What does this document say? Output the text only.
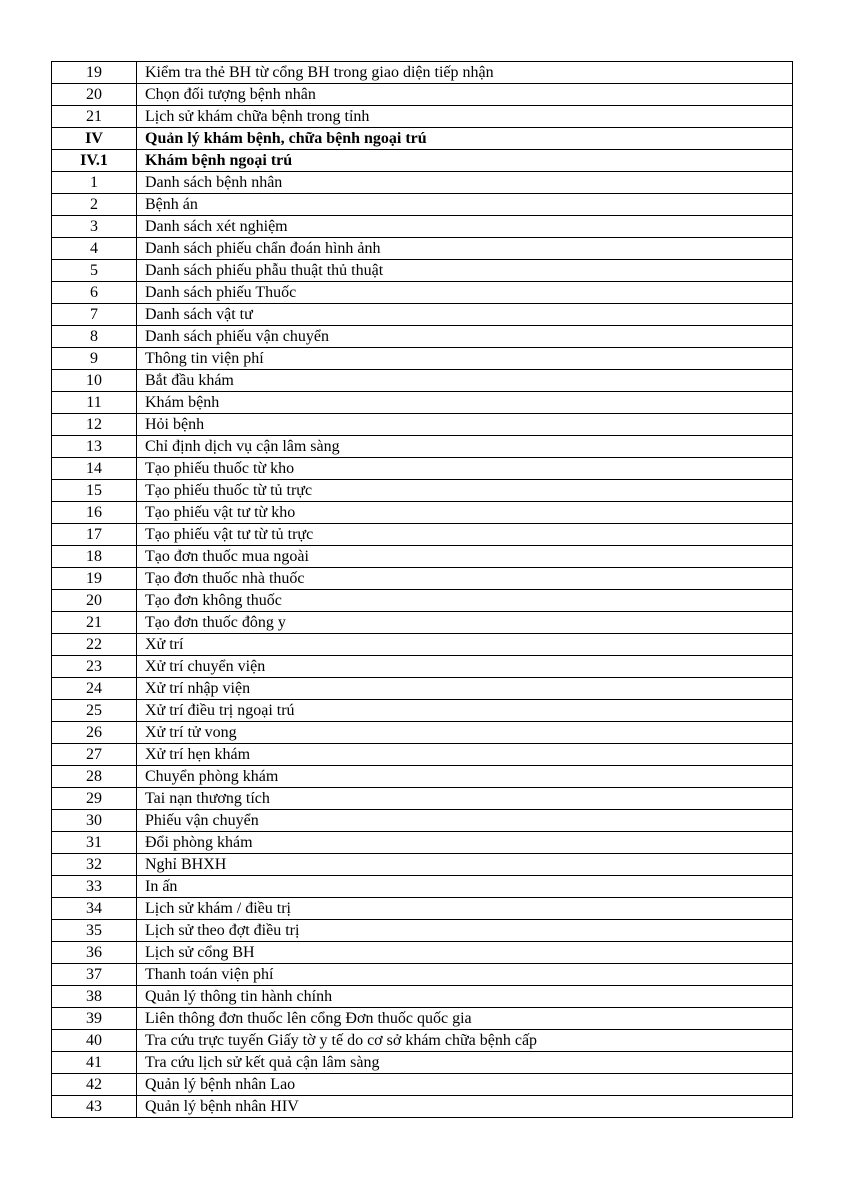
19	Kiểm tra thẻ BH từ cổng BH trong giao diện tiếp nhận
20	Chọn đối tượng bệnh nhân
21	Lịch sử khám chữa bệnh trong tỉnh
IV	Quản lý khám bệnh, chữa bệnh ngoại trú
IV.1	Khám bệnh ngoại trú
1	Danh sách bệnh nhân
2	Bệnh án
3	Danh sách xét nghiệm
4	Danh sách phiếu chẩn đoán hình ảnh
5	Danh sách phiếu phẫu thuật thủ thuật
6	Danh sách phiếu Thuốc
7	Danh sách vật tư
8	Danh sách phiếu vận chuyển
9	Thông tin viện phí
10	Bắt đầu khám
11	Khám bệnh
12	Hỏi bệnh
13	Chỉ định dịch vụ cận lâm sàng
14	Tạo phiếu thuốc từ kho
15	Tạo phiếu thuốc từ tủ trực
16	Tạo phiếu vật tư từ kho
17	Tạo phiếu vật tư từ tủ trực
18	Tạo đơn thuốc mua ngoài
19	Tạo đơn thuốc nhà thuốc
20	Tạo đơn không thuốc
21	Tạo đơn thuốc đông y
22	Xử trí
23	Xử trí chuyển viện
24	Xử trí nhập viện
25	Xử trí điều trị ngoại trú
26	Xử trí tử vong
27	Xử trí hẹn khám
28	Chuyển phòng khám
29	Tai nạn thương tích
30	Phiếu vận chuyển
31	Đổi phòng khám
32	Nghỉ BHXH
33	In ấn
34	Lịch sử khám / điều trị
35	Lịch sử theo đợt điều trị
36	Lịch sử cổng BH
37	Thanh toán viện phí
38	Quản lý thông tin hành chính
39	Liên thông đơn thuốc lên cổng Đơn thuốc quốc gia
40	Tra cứu trực tuyến Giấy tờ y tế do cơ sở khám chữa bệnh cấp
41	Tra cứu lịch sử kết quả cận lâm sàng
42	Quản lý bệnh nhân Lao
43	Quản lý bệnh nhân HIV
